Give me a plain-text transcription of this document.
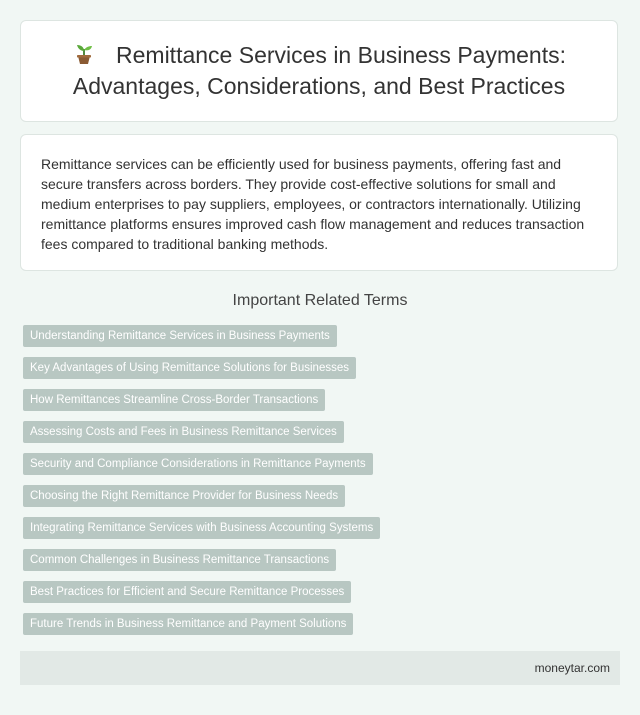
Remittance Services in Business Payments: Advantages, Considerations, and Best Practices

Remittance services can be efficiently used for business payments, offering fast and secure transfers across borders. They provide cost-effective solutions for small and medium enterprises to pay suppliers, employees, or contractors internationally. Utilizing remittance platforms ensures improved cash flow management and reduces transaction fees compared to traditional banking methods.

Important Related Terms
Understanding Remittance Services in Business Payments
Key Advantages of Using Remittance Solutions for Businesses
How Remittances Streamline Cross-Border Transactions
Assessing Costs and Fees in Business Remittance Services
Security and Compliance Considerations in Remittance Payments
Choosing the Right Remittance Provider for Business Needs
Integrating Remittance Services with Business Accounting Systems
Common Challenges in Business Remittance Transactions
Best Practices for Efficient and Secure Remittance Processes
Future Trends in Business Remittance and Payment Solutions
moneytar.com
